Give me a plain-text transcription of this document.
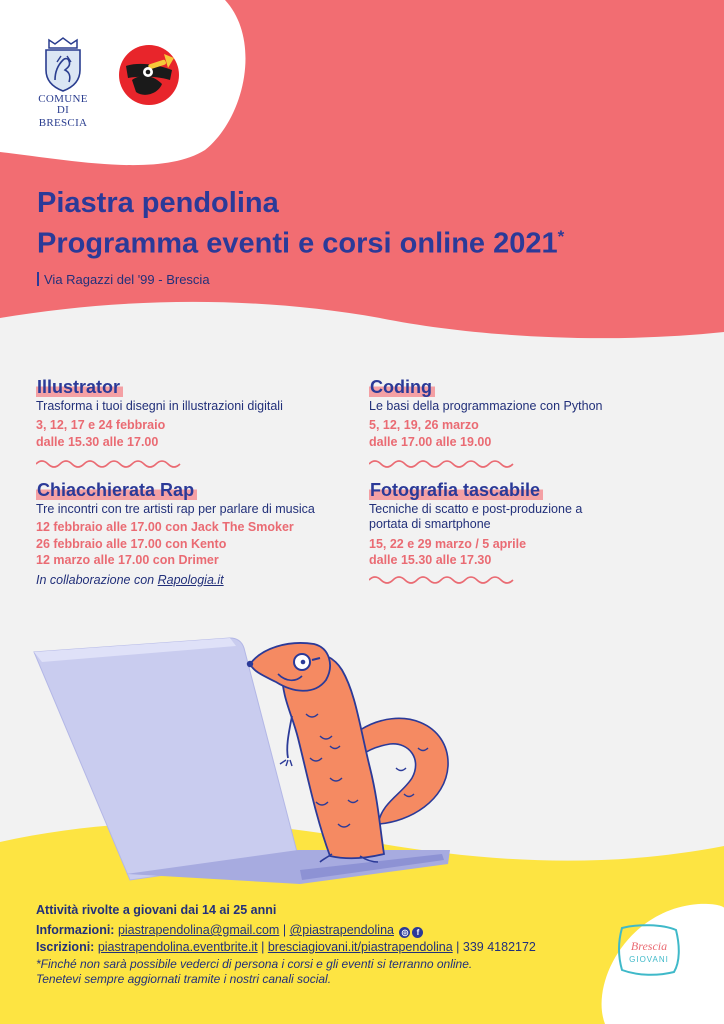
COMUNE DI
BRESCIA
Piastra pendolina
Programma eventi e corsi online 2021*
Via Ragazzi del '99 - Brescia
Illustrator
Trasforma i tuoi disegni in illustrazioni digitali
3, 12, 17 e 24 febbraio
dalle 15.30 alle 17.00
Coding
Le basi della programmazione con Python
5, 12, 19, 26 marzo
dalle 17.00 alle 19.00
Chiacchierata Rap
Tre incontri con tre artisti rap per parlare di musica
12 febbraio alle 17.00 con Jack The Smoker
26 febbraio alle 17.00 con Kento
12 marzo alle 17.00 con Drimer
In collaborazione con Rapologia.it
Fotografia tascabile
Tecniche di scatto e post-produzione a
portata di smartphone
15, 22 e 29 marzo / 5 aprile
dalle 15.30 alle 17.30
Attività rivolte a giovani dai 14 ai 25 anni
Informazioni: piastrapendolina@gmail.com | @piastrapendolina ◎ f
Iscrizioni: piastrapendolina.eventbrite.it | bresciagiovani.it/piastrapendolina | 339 4182172
*Finché non sarà possibile vederci di persona i corsi e gli eventi si terranno online.
Tenetevi sempre aggiornati tramite i nostri canali social.
Brescia
GIOVANI
